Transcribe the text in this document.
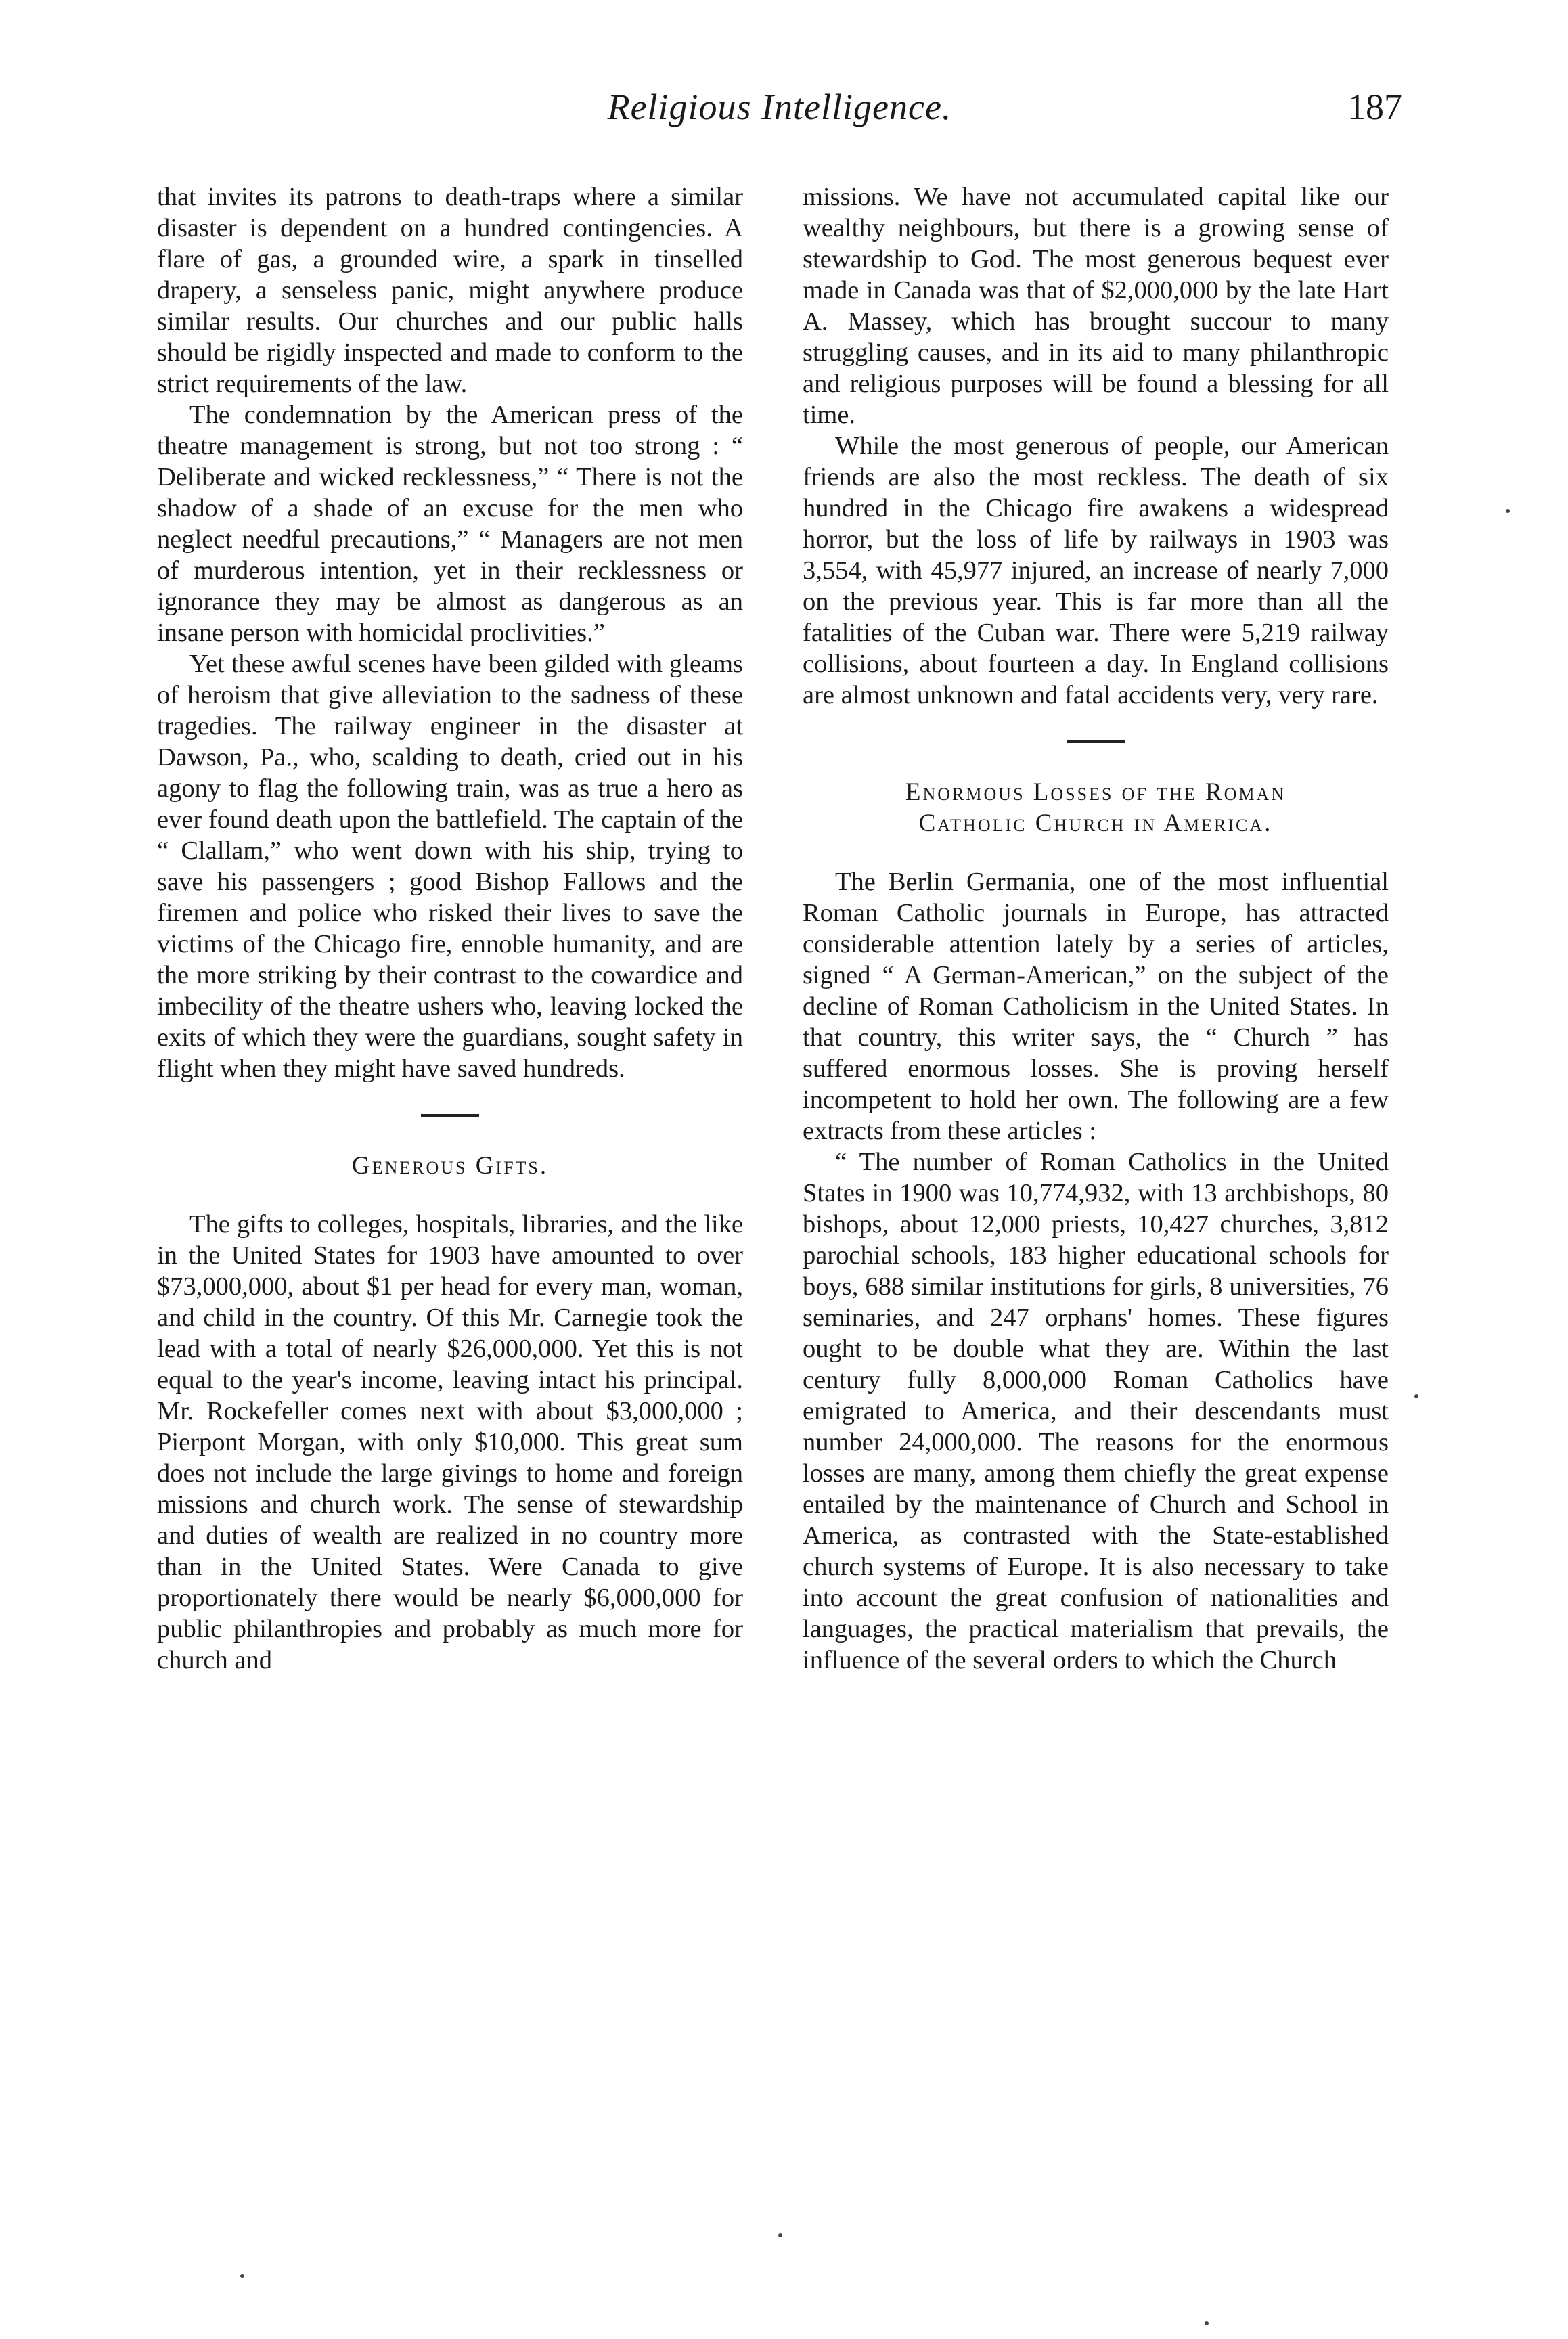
Religious Intelligence.	187

that invites its patrons to death-traps where a similar disaster is dependent on a hundred contingencies. A flare of gas, a grounded wire, a spark in tinselled drapery, a senseless panic, might anywhere produce similar results. Our churches and our public halls should be rigidly inspected and made to conform to the strict requirements of the law.

The condemnation by the American press of the theatre management is strong, but not too strong : “ Deliberate and wicked recklessness,” “ There is not the shadow of a shade of an excuse for the men who neglect needful precautions,” “ Managers are not men of murderous intention, yet in their recklessness or ignorance they may be almost as dangerous as an insane person with homicidal proclivities.”

Yet these awful scenes have been gilded with gleams of heroism that give alleviation to the sadness of these tragedies. The railway engineer in the disaster at Dawson, Pa., who, scalding to death, cried out in his agony to flag the following train, was as true a hero as ever found death upon the battlefield. The captain of the “ Clallam,” who went down with his ship, trying to save his passengers ; good Bishop Fallows and the firemen and police who risked their lives to save the victims of the Chicago fire, ennoble humanity, and are the more striking by their contrast to the cowardice and imbecility of the theatre ushers who, leaving locked the exits of which they were the guardians, sought safety in flight when they might have saved hundreds.

Generous Gifts.

The gifts to colleges, hospitals, libraries, and the like in the United States for 1903 have amounted to over $73,000,000, about $1 per head for every man, woman, and child in the country. Of this Mr. Carnegie took the lead with a total of nearly $26,000,000. Yet this is not equal to the year's income, leaving intact his principal. Mr. Rockefeller comes next with about $3,000,000 ; Pierpont Morgan, with only $10,000. This great sum does not include the large givings to home and foreign missions and church work. The sense of stewardship and duties of wealth are realized in no country more than in the United States. Were Canada to give proportionately there would be nearly $6,000,000 for public philanthropies and probably as much more for church and

missions. We have not accumulated capital like our wealthy neighbours, but there is a growing sense of stewardship to God. The most generous bequest ever made in Canada was that of $2,000,000 by the late Hart A. Massey, which has brought succour to many struggling causes, and in its aid to many philanthropic and religious purposes will be found a blessing for all time.

While the most generous of people, our American friends are also the most reckless. The death of six hundred in the Chicago fire awakens a widespread horror, but the loss of life by railways in 1903 was 3,554, with 45,977 injured, an increase of nearly 7,000 on the previous year. This is far more than all the fatalities of the Cuban war. There were 5,219 railway collisions, about fourteen a day. In England collisions are almost unknown and fatal accidents very, very rare.

Enormous Losses of the Roman
Catholic Church in America.

The Berlin Germania, one of the most influential Roman Catholic journals in Europe, has attracted considerable attention lately by a series of articles, signed “ A German-American,” on the subject of the decline of Roman Catholicism in the United States. In that country, this writer says, the “ Church ” has suffered enormous losses. She is proving herself incompetent to hold her own. The following are a few extracts from these articles :

“ The number of Roman Catholics in the United States in 1900 was 10,774,932, with 13 archbishops, 80 bishops, about 12,000 priests, 10,427 churches, 3,812 parochial schools, 183 higher educational schools for boys, 688 similar institutions for girls, 8 universities, 76 seminaries, and 247 orphans' homes. These figures ought to be double what they are. Within the last century fully 8,000,000 Roman Catholics have emigrated to America, and their descendants must number 24,000,000. The reasons for the enormous losses are many, among them chiefly the great expense entailed by the maintenance of Church and School in America, as contrasted with the State-established church systems of Europe. It is also necessary to take into account the great confusion of nationalities and languages, the practical materialism that prevails, the influence of the several orders to which the Church
